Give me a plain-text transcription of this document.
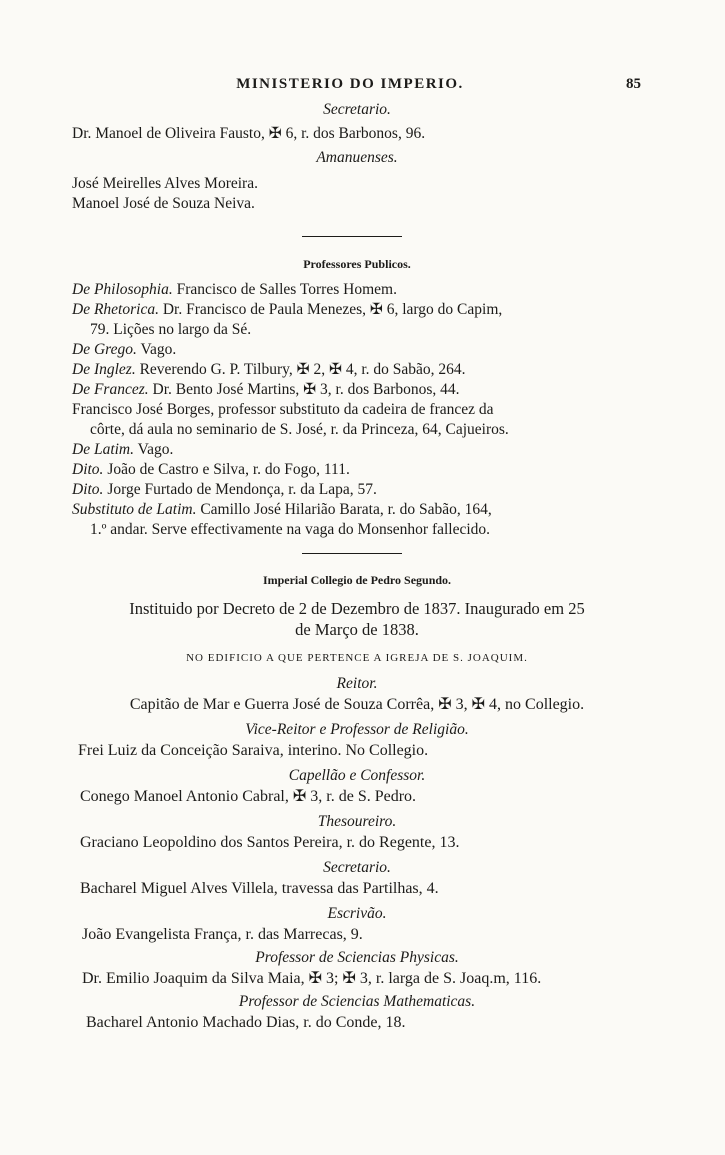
MINISTERIO DO IMPERIO.	85
Secretario.
Dr. Manoel de Oliveira Fausto, ✠ 6, r. dos Barbonos, 96.
Amanuenses.
José Meirelles Alves Moreira.
Manoel José de Souza Neiva.
Professores Publicos.
De Philosophia. Francisco de Salles Torres Homem.
De Rhetorica. Dr. Francisco de Paula Menezes, ✠ 6, largo do Capim,
79. Lições no largo da Sé.
De Grego. Vago.
De Inglez. Reverendo G. P. Tilbury, ✠ 2, ✠ 4, r. do Sabão, 264.
De Francez. Dr. Bento José Martins, ✠ 3, r. dos Barbonos, 44.
Francisco José Borges, professor substituto da cadeira de francez da
côrte, dá aula no seminario de S. José, r. da Princeza, 64, Cajueiros.
De Latim. Vago.
Dito. João de Castro e Silva, r. do Fogo, 111.
Dito. Jorge Furtado de Mendonça, r. da Lapa, 57.
Substituto de Latim. Camillo José Hilarião Barata, r. do Sabão, 164,
1.º andar. Serve effectivamente na vaga do Monsenhor fallecido.
Imperial Collegio de Pedro Segundo.
Instituido por Decreto de 2 de Dezembro de 1837. Inaugurado em 25
de Março de 1838.
NO EDIFICIO A QUE PERTENCE A IGREJA DE S. JOAQUIM.
Reitor.
Capitão de Mar e Guerra José de Souza Corrêa, ✠ 3, ✠ 4, no Collegio.
Vice-Reitor e Professor de Religião.
Frei Luiz da Conceição Saraiva, interino. No Collegio.
Capellão e Confessor.
Conego Manoel Antonio Cabral, ✠ 3, r. de S. Pedro.
Thesoureiro.
Graciano Leopoldino dos Santos Pereira, r. do Regente, 13.
Secretario.
Bacharel Miguel Alves Villela, travessa das Partilhas, 4.
Escrivão.
João Evangelista França, r. das Marrecas, 9.
Professor de Sciencias Physicas.
Dr. Emilio Joaquim da Silva Maia, ✠ 3; ✠ 3, r. larga de S. Joaq.m, 116.
Professor de Sciencias Mathematicas.
Bacharel Antonio Machado Dias, r. do Conde, 18.
